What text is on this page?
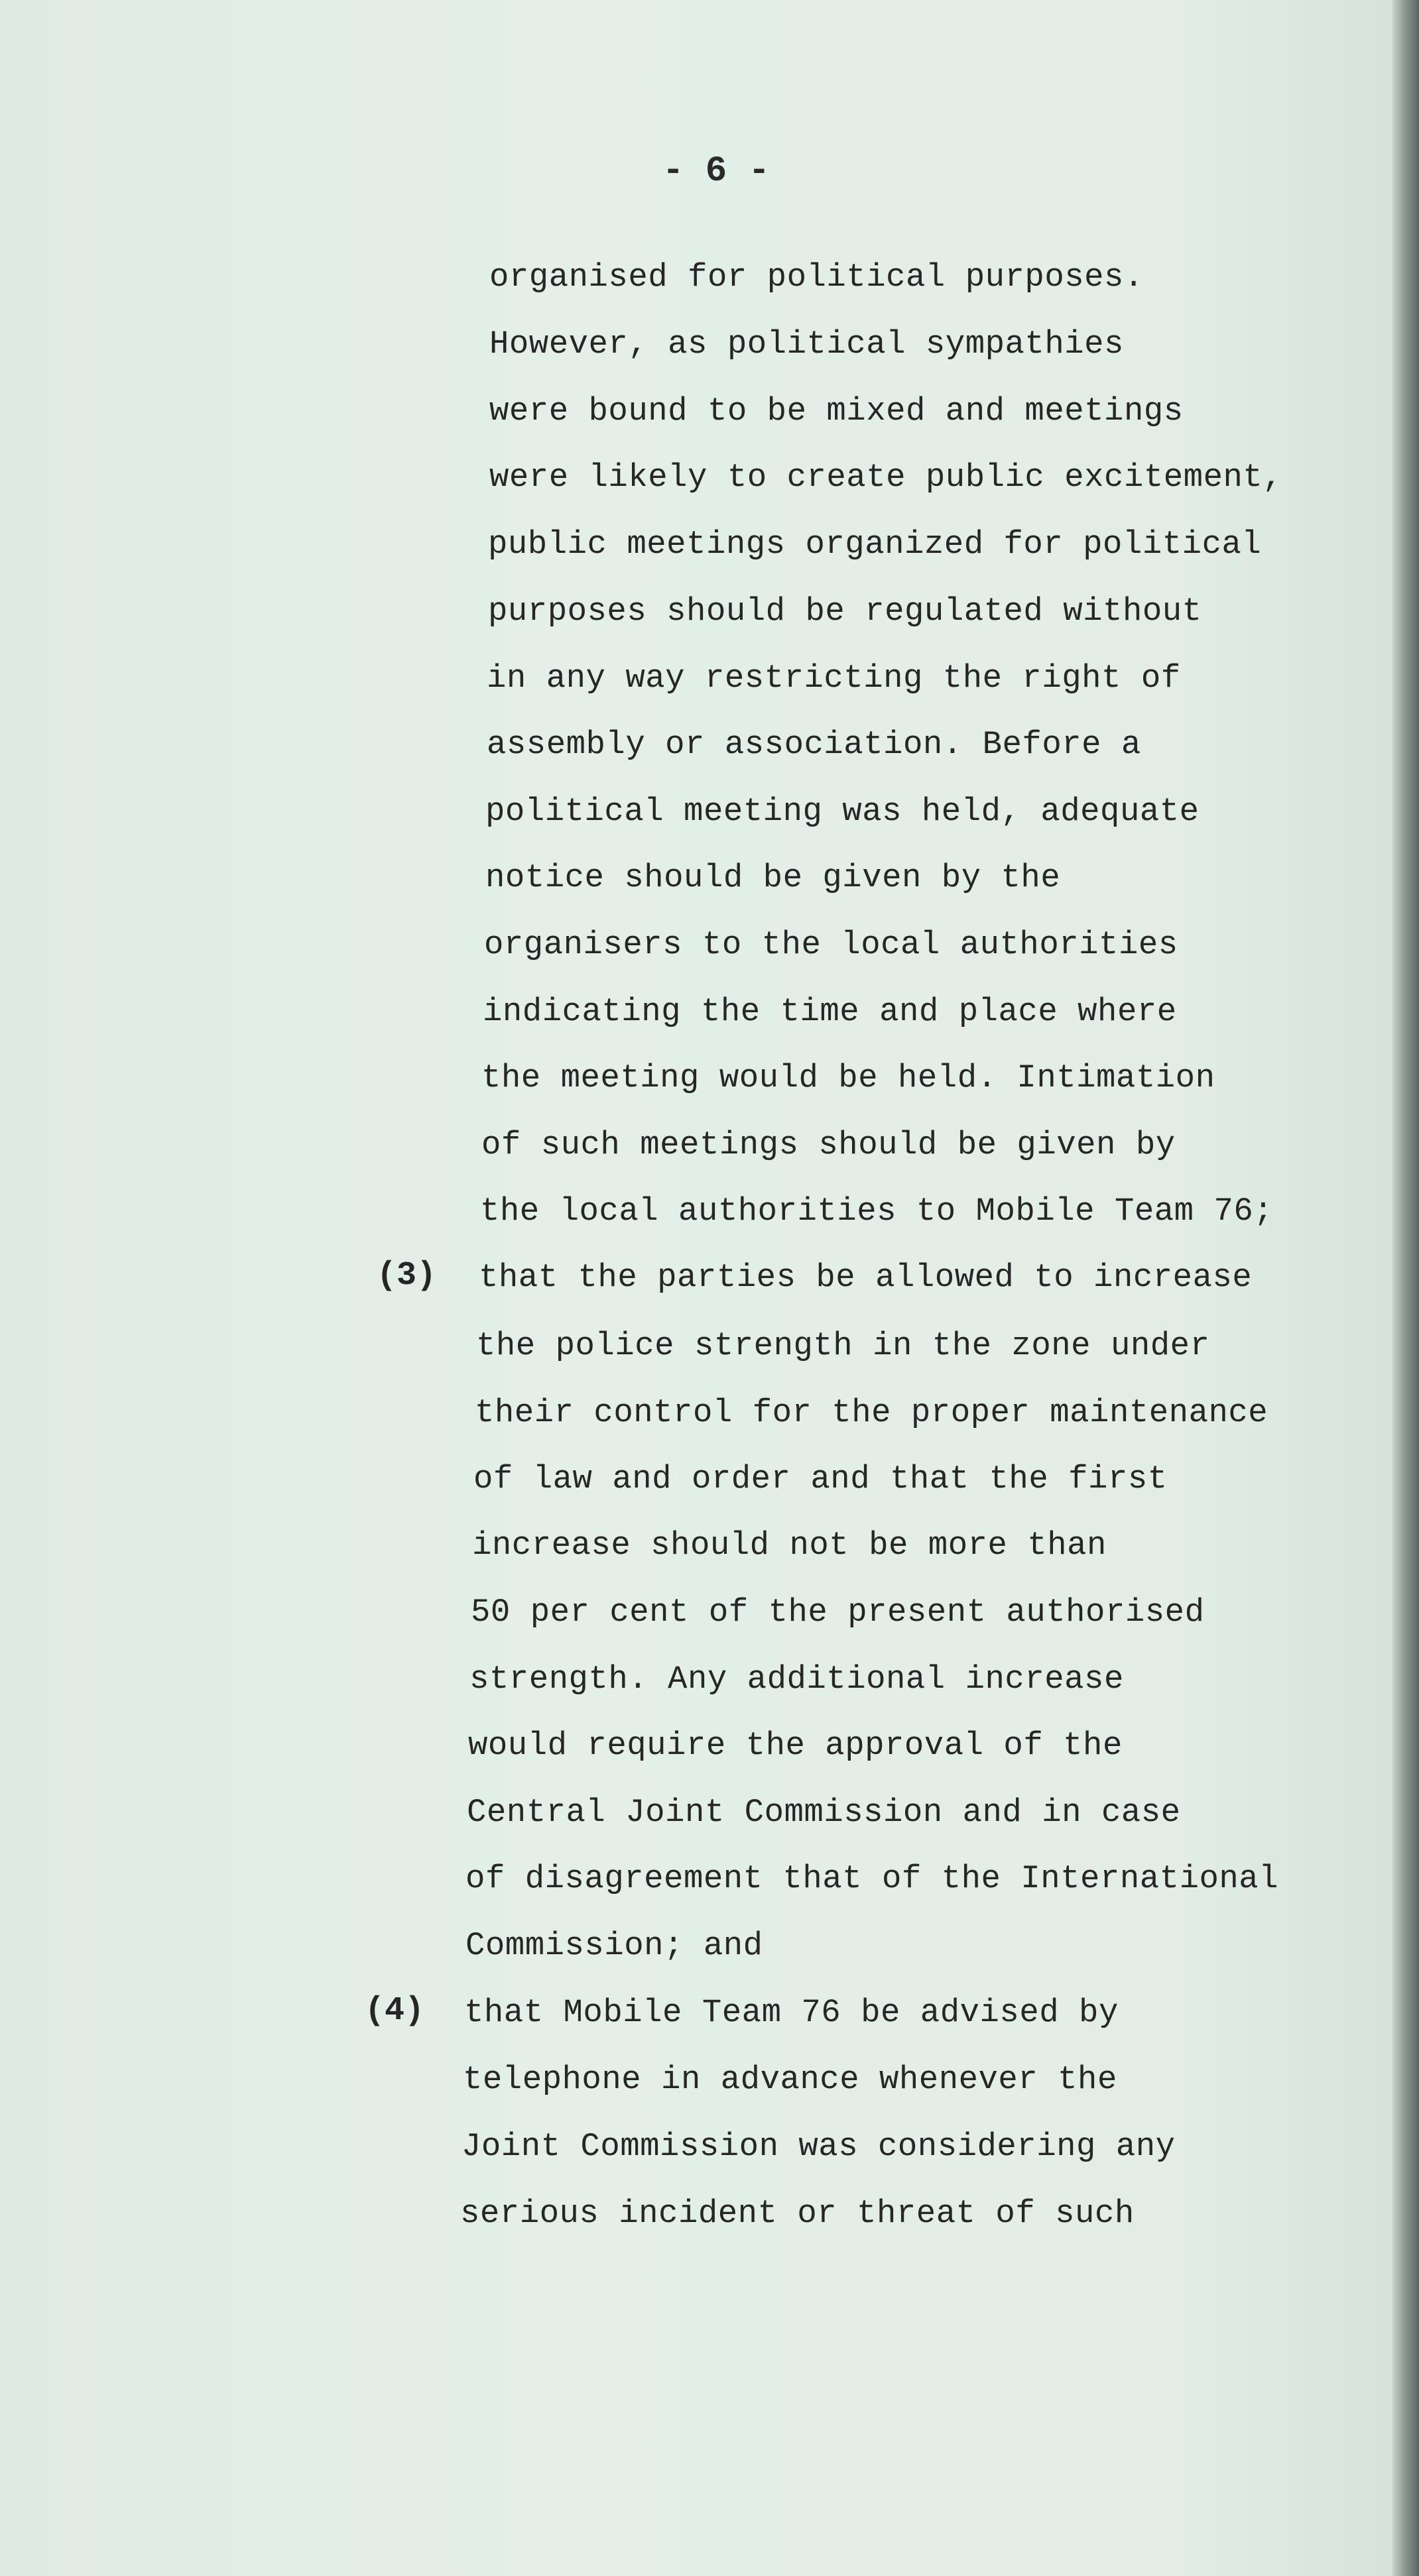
- 6 -
organised for political purposes.
However, as political sympathies
were bound to be mixed and meetings
were likely to create public excitement,
public meetings organized for political
purposes should be regulated without
in any way restricting the right of
assembly or association. Before a
political meeting was held, adequate
notice should be given by the
organisers to the local authorities
indicating the time and place where
the meeting would be held. Intimation
of such meetings should be given by
the local authorities to Mobile Team 76;
(3) that the parties be allowed to increase
the police strength in the zone under
their control for the proper maintenance
of law and order and that the first
increase should not be more than
50 per cent of the present authorised
strength. Any additional increase
would require the approval of the
Central Joint Commission and in case
of disagreement that of the International
Commission; and
(4) that Mobile Team 76 be advised by
telephone in advance whenever the
Joint Commission was considering any
serious incident or threat of such
